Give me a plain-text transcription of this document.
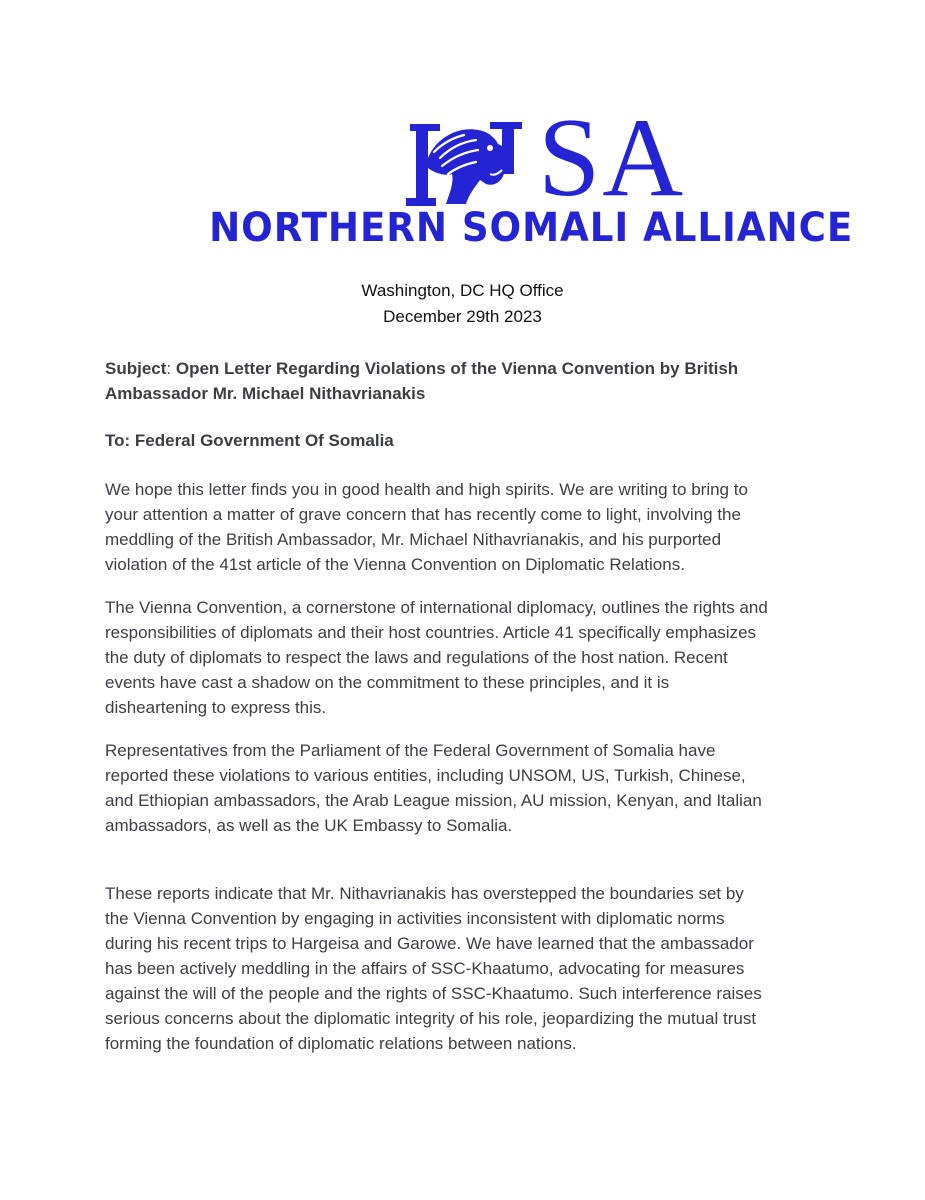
SA
NORTHERN SOMALI ALLIANCE
Washington, DC HQ Office
December 29th 2023
Subject: Open Letter Regarding Violations of the Vienna Convention by British
Ambassador Mr. Michael Nithavrianakis
To: Federal Government Of Somalia
We hope this letter finds you in good health and high spirits. We are writing to bring to
your attention a matter of grave concern that has recently come to light, involving the
meddling of the British Ambassador, Mr. Michael Nithavrianakis, and his purported
violation of the 41st article of the Vienna Convention on Diplomatic Relations.
The Vienna Convention, a cornerstone of international diplomacy, outlines the rights and
responsibilities of diplomats and their host countries. Article 41 specifically emphasizes
the duty of diplomats to respect the laws and regulations of the host nation. Recent
events have cast a shadow on the commitment to these principles, and it is
disheartening to express this.
Representatives from the Parliament of the Federal Government of Somalia have
reported these violations to various entities, including UNSOM, US, Turkish, Chinese,
and Ethiopian ambassadors, the Arab League mission, AU mission, Kenyan, and Italian
ambassadors, as well as the UK Embassy to Somalia.
These reports indicate that Mr. Nithavrianakis has overstepped the boundaries set by
the Vienna Convention by engaging in activities inconsistent with diplomatic norms
during his recent trips to Hargeisa and Garowe. We have learned that the ambassador
has been actively meddling in the affairs of SSC-Khaatumo, advocating for measures
against the will of the people and the rights of SSC-Khaatumo. Such interference raises
serious concerns about the diplomatic integrity of his role, jeopardizing the mutual trust
forming the foundation of diplomatic relations between nations.
